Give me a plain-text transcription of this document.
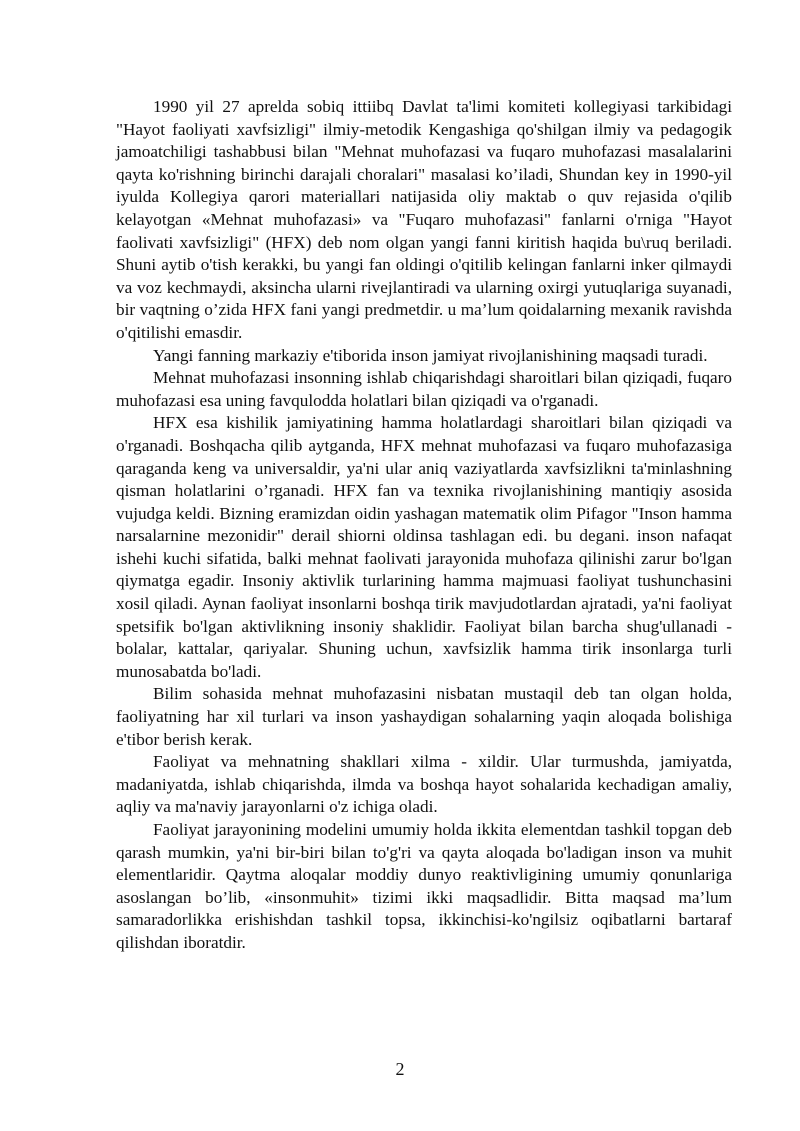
1990 yil 27 aprelda sobiq ittiibq Davlat ta'limi komiteti kollegiyasi tarkibidagi "Hayot faoliyati xavfsizligi" ilmiy-metodik Kengashiga qo'shilgan ilmiy va pedagogik jamoatchiligi tashabbusi bilan "Mehnat muhofazasi va fuqaro muhofazasi masalalarini qayta ko'rishning birinchi darajali choralari" masalasi ko’iladi, Shundan key in 1990-yil iyulda Kollegiya qarori materiallari natijasida oliy maktab o quv rejasida o'qilib kelayotgan «Mehnat muhofazasi» va "Fuqaro muhofazasi" fanlarni o'rniga "Hayot faolivati xavfsizligi" (HFX) deb nom olgan yangi fanni kiritish haqida bu\ruq beriladi. Shuni aytib o'tish kerakki, bu yangi fan oldingi o'qitilib kelingan fanlarni inker qilmaydi va voz kechmaydi, aksincha ularni rivejlantiradi va ularning oxirgi yutuqlariga suyanadi, bir vaqtning o’zida HFX fani yangi predmetdir. u ma’lum qoidalarning mexanik ravishda o'qitilishi emasdir.

Yangi fanning markaziy e'tiborida inson jamiyat rivojlanishining maqsadi turadi.

Mehnat muhofazasi insonning ishlab chiqarishdagi sharoitlari bilan qiziqadi, fuqaro muhofazasi esa uning favqulodda holatlari bilan qiziqadi va o'rganadi.

HFX esa kishilik jamiyatining hamma holatlardagi sharoitlari bilan qiziqadi va o'rganadi. Boshqacha qilib aytganda, HFX mehnat muhofazasi va fuqaro muhofazasiga qaraganda keng va universaldir, ya'ni ular aniq vaziyatlarda xavfsizlikni ta'minlashning qisman holatlarini o’rganadi. HFX fan va texnika rivojlanishining mantiqiy asosida vujudga keldi. Bizning eramizdan oidin yashagan matematik olim Pifagor "Inson hamma narsalarnine mezonidir" derail shiorni oldinsa tashlagan edi. bu degani. inson nafaqat ishehi kuchi sifatida, balki mehnat faolivati jarayonida muhofaza qilinishi zarur bo'lgan qiymatga egadir. Insoniy aktivlik turlarining hamma majmuasi faoliyat tushunchasini xosil qiladi. Aynan faoliyat insonlarni boshqa tirik mavjudotlardan ajratadi, ya'ni faoliyat spetsifik bo'lgan aktivlikning insoniy shaklidir. Faoliyat bilan barcha shug'ullanadi - bolalar, kattalar, qariyalar. Shuning uchun, xavfsizlik hamma tirik insonlarga turli munosabatda bo'ladi.

Bilim sohasida mehnat muhofazasini nisbatan mustaqil deb tan olgan holda, faoliyatning har xil turlari va inson yashaydigan sohalarning yaqin aloqada bolishiga e'tibor berish kerak.

Faoliyat va mehnatning shakllari xilma - xildir. Ular turmushda, jamiyatda, madaniyatda, ishlab chiqarishda, ilmda va boshqa hayot sohalarida kechadigan amaliy, aqliy va ma'naviy jarayonlarni o'z ichiga oladi.

Faoliyat jarayonining modelini umumiy holda ikkita elementdan tashkil topgan deb qarash mumkin, ya'ni bir-biri bilan to'g'ri va qayta aloqada bo'ladigan inson va muhit elementlaridir. Qaytma aloqalar moddiy dunyo reaktivligining umumiy qonunlariga asoslangan bo’lib, «insonmuhit» tizimi ikki maqsadlidir. Bitta maqsad ma’lum samaradorlikka erishishdan tashkil topsa, ikkinchisi-ko'ngilsiz oqibatlarni bartaraf qilishdan iboratdir.

2
